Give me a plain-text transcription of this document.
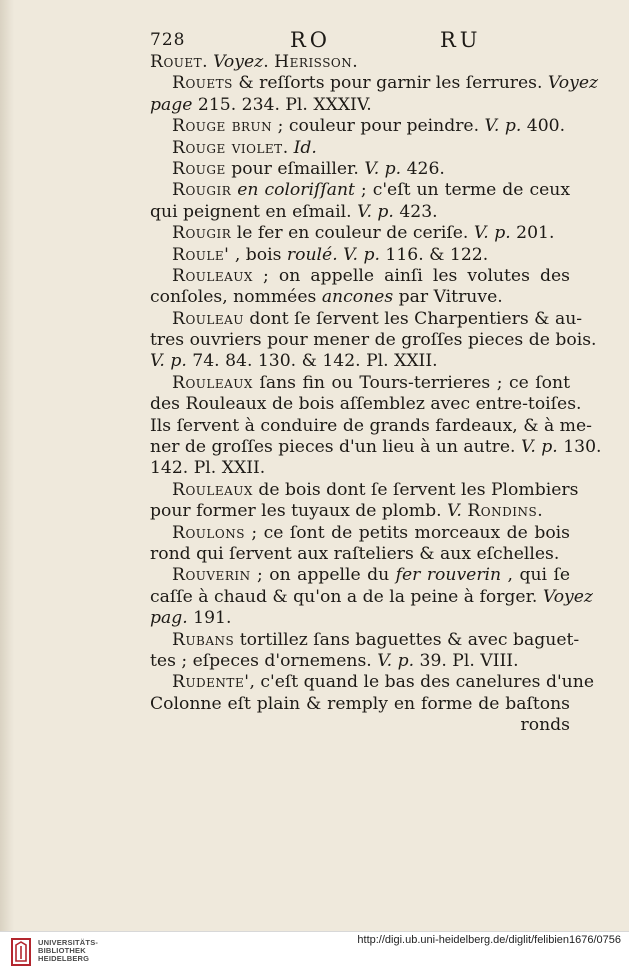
728	RO	RU
Rouet. Voyez. Herisson.
Rouets & reſſorts pour garnir les ſerrures. Voyez
page 215. 234. Pl. XXXIV.
Rouge brun ; couleur pour peindre. V. p. 400.
Rouge violet. Id.
Rouge pour eſmailler. V. p. 426.
Rougir en coloriſſant ; c'eſt un terme de ceux
qui peignent en eſmail. V. p. 423.
Rougir le fer en couleur de ceriſe. V. p. 201.
Roule' , bois roulé. V. p. 116. & 122.
Rouleaux ; on appelle ainſi les volutes des
conſoles, nommées ancones par Vitruve.
Rouleau dont ſe ſervent les Charpentiers & au-
tres ouvriers pour mener de groſſes pieces de bois.
V. p. 74. 84. 130. & 142. Pl. XXII.
Rouleaux ſans fin ou Tours-terrieres ; ce ſont
des Rouleaux de bois aſſemblez avec entre-toiſes.
Ils ſervent à conduire de grands fardeaux, & à me-
ner de groſſes pieces d'un lieu à un autre. V. p. 130.
142. Pl. XXII.
Rouleaux de bois dont ſe ſervent les Plombiers
pour former les tuyaux de plomb. V. Rondins.
Roulons ; ce ſont de petits morceaux de bois
rond qui ſervent aux raſteliers & aux eſchelles.
Rouverin ; on appelle du fer rouverin , qui ſe
caſſe à chaud & qu'on a de la peine à forger. Voyez
pag. 191.
Rubans tortillez ſans baguettes & avec baguet-
tes ; eſpeces d'ornemens. V. p. 39. Pl. VIII.
Rudente', c'eſt quand le bas des canelures d'une
Colonne eſt plain & remply en forme de baſtons
ronds
UNIVERSITÄTS-
BIBLIOTHEK
HEIDELBERG
http://digi.ub.uni-heidelberg.de/diglit/felibien1676/0756
